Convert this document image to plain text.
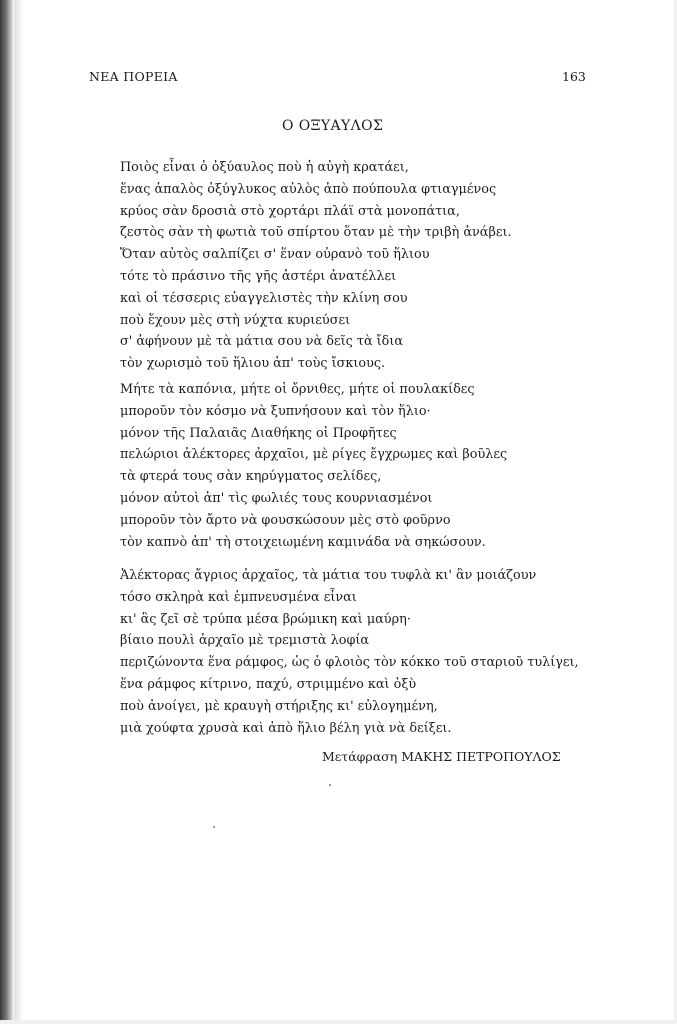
ΝΕΑ ΠΟΡΕΙΑ	163
Ο ΟΞΥΑΥΛΟΣ
Ποιὸς εἶναι ὁ ὀξύαυλος ποὺ ἡ αὐγὴ κρατάει,
ἕνας ἁπαλὸς ὀξύγλυκος αὐλὸς ἀπὸ πούπουλα φτιαγμένος
κρύος σὰν δροσιὰ στὸ χορτάρι πλάϊ στὰ μονοπάτια,
ζεστὸς σὰν τὴ φωτιὰ τοῦ σπίρτου ὅταν μὲ τὴν τριβὴ ἀνάβει.
Ὅταν αὐτὸς σαλπίζει σ' ἕναν οὐρανὸ τοῦ ἥλιου
τότε τὸ πράσινο τῆς γῆς ἀστέρι ἀνατέλλει
καὶ οἱ τέσσερις εὐαγγελιστὲς τὴν κλίνη σου
ποὺ ἔχουν μὲς στὴ νύχτα κυριεύσει
σ' ἀφήνουν μὲ τὰ μάτια σου νὰ δεῖς τὰ ἴδια
τὸν χωρισμὸ τοῦ ἥλιου ἀπ' τοὺς ἴσκιους.
Μήτε τὰ καπόνια, μήτε οἱ ὄρνιθες, μήτε οἱ πουλακίδες
μποροῦν τὸν κόσμο νὰ ξυπνήσουν καὶ τὸν ἥλιο·
μόνον τῆς Παλαιᾶς Διαθήκης οἱ Προφῆτες
πελώριοι ἀλέκτορες ἀρχαῖοι, μὲ ρίγες ἔγχρωμες καὶ βοῦλες
τὰ φτερά τους σὰν κηρύγματος σελίδες,
μόνον αὐτοὶ ἀπ' τὶς φωλιές τους κουρνιασμένοι
μποροῦν τὸν ἄρτο νὰ φουσκώσουν μὲς στὸ φοῦρνο
τὸν καπνὸ ἀπ' τὴ στοιχειωμένη καμινάδα νὰ σηκώσουν.
Ἀλέκτορας ἄγριος ἀρχαῖος, τὰ μάτια του τυφλὰ κι' ἂν μοιάζουν
τόσο σκληρὰ καὶ ἐμπνευσμένα εἶναι
κι' ἂς ζεῖ σὲ τρύπα μέσα βρώμικη καὶ μαύρη·
βίαιο πουλὶ ἀρχαῖο μὲ τρεμιστὰ λοφία
περιζώνοντα ἕνα ράμφος, ὡς ὁ φλοιὸς τὸν κόκκο τοῦ σταριοῦ τυλίγει,
ἕνα ράμφος κίτρινο, παχύ, στριμμένο καὶ ὀξὺ
ποὺ ἀνοίγει, μὲ κραυγὴ στήριξης κι' εὐλογημένη,
μιὰ χούφτα χρυσὰ καὶ ἀπὸ ἥλιο βέλη γιὰ νὰ δείξει.
Μετάφραση ΜΑΚΗΣ ΠΕΤΡΟΠΟΥΛΟΣ
